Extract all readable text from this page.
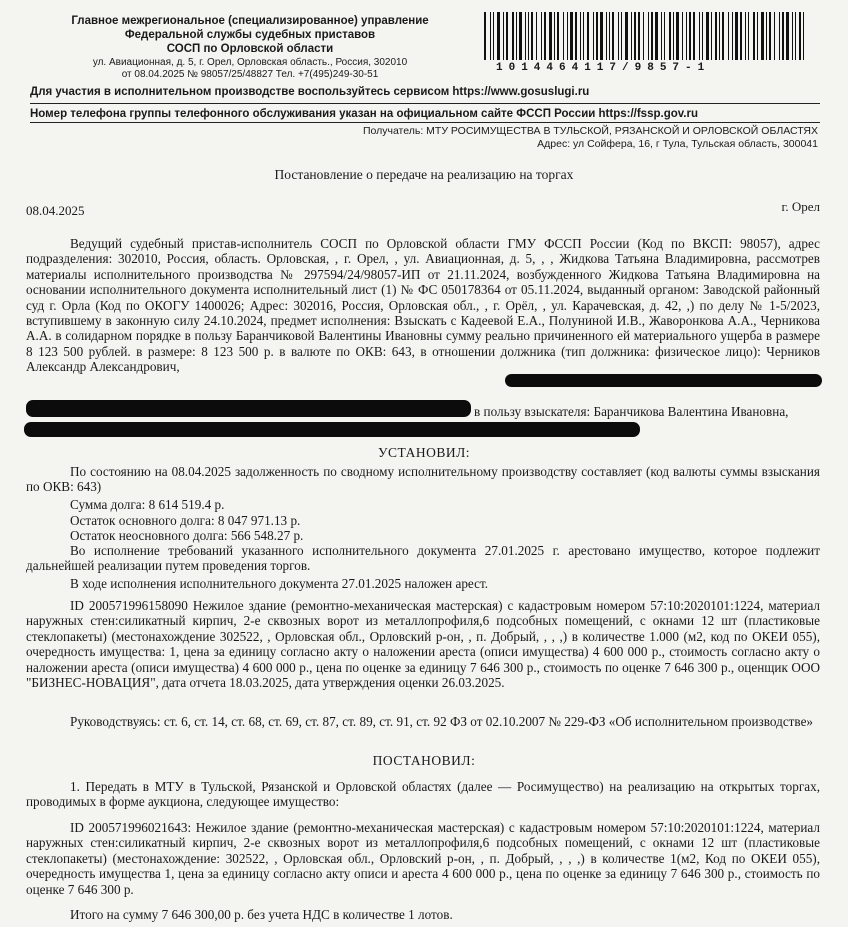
Главное межрегиональное (специализированное) управление
Федеральной службы судебных приставов
СОСП по Орловской области
ул. Авиационная, д. 5, г. Орел, Орловская область., Россия, 302010
от 08.04.2025 № 98057/25/48827 Тел. +7(495)249-30-51
1014464117/9857-1
Для участия в исполнительном производстве воспользуйтесь сервисом https://www.gosuslugi.ru
Номер телефона группы телефонного обслуживания указан на официальном сайте ФССП России https://fssp.gov.ru
Получатель: МТУ РОСИМУЩЕСТВА В ТУЛЬСКОЙ, РЯЗАНСКОЙ И ОРЛОВСКОЙ ОБЛАСТЯХ
Адрес: ул Сойфера, 16, г Тула, Тульская область, 300041
Постановление о передаче на реализацию на торгах
08.04.2025	г. Орел
Ведущий судебный пристав-исполнитель СОСП по Орловской области ГМУ ФССП России (Код по ВКСП: 98057), адрес подразделения: 302010, Россия, область. Орловская, , г. Орел, , ул. Авиационная, д. 5, , , Жидкова Татьяна Владимировна, рассмотрев материалы исполнительного производства № 297594/24/98057-ИП от 21.11.2024, возбужденного Жидкова Татьяна Владимировна на основании исполнительного документа исполнительный лист (1) № ФС 050178364 от 05.11.2024, выданный органом: Заводской районный суд г. Орла (Код по ОКОГУ 1400026; Адрес: 302016, Россия, Орловская обл., , г. Орёл, , ул. Карачевская, д. 42, ,) по делу № 1-5/2023, вступившему в законную силу 24.10.2024, предмет исполнения: Взыскать с Кадеевой Е.А., Полуниной И.В., Жаворонкова А.А., Черникова А.А. в солидарном порядке в пользу Баранчиковой Валентины Ивановны сумму реально причиненного ей материального ущерба в размере 8 123 500 рублей. в размере: 8 123 500 р. в валюте по ОКВ: 643, в отношении должника (тип должника: физическое лицо): Черников Александр Александрович,
в пользу взыскателя: Баранчикова Валентина Ивановна,
УСТАНОВИЛ:
По состоянию на 08.04.2025 задолженность по сводному исполнительному производству составляет (код валюты суммы взыскания по ОКВ: 643)
Сумма долга: 8 614 519.4 р.
Остаток основного долга: 8 047 971.13 р.
Остаток неосновного долга: 566 548.27 р.
Во исполнение требований указанного исполнительного документа 27.01.2025 г. арестовано имущество, которое подлежит дальнейшей реализации путем проведения торгов.
В ходе исполнения исполнительного документа 27.01.2025 наложен арест.
ID 200571996158090 Нежилое здание (ремонтно-механическая мастерская) с кадастровым номером 57:10:2020101:1224, материал наружных стен:силикатный кирпич, 2-е сквозных ворот из металлопрофиля,6 подсобных помещений, с окнами 12 шт (пластиковые стеклопакеты) (местонахождение 302522, , Орловская обл., Орловский р-он, , п. Добрый, , , ,) в количестве 1.000 (м2, код по ОКЕИ 055), очередность имущества: 1, цена за единицу согласно акту о наложении ареста (описи имущества) 4 600 000 р., стоимость согласно акту о наложении ареста (описи имущества) 4 600 000 р., цена по оценке за единицу 7 646 300 р., стоимость по оценке 7 646 300 р., оценщик ООО "БИЗНЕС-НОВАЦИЯ", дата отчета 18.03.2025, дата утверждения оценки 26.03.2025.
Руководствуясь: ст. 6, ст. 14, ст. 68, ст. 69, ст. 87, ст. 89, ст. 91, ст. 92 ФЗ от 02.10.2007 № 229-ФЗ «Об исполнительном производстве»
ПОСТАНОВИЛ:
1. Передать в МТУ в Тульской, Рязанской и Орловской областях (далее — Росимущество) на реализацию на открытых торгах, проводимых в форме аукциона, следующее имущество:
ID 200571996021643: Нежилое здание (ремонтно-механическая мастерская) с кадастровым номером 57:10:2020101:1224, материал наружных стен:силикатный кирпич, 2-е сквозных ворот из металлопрофиля,6 подсобных помещений, с окнами 12 шт (пластиковые стеклопакеты) (местонахождение: 302522, , Орловская обл., Орловский р-он, , п. Добрый, , , ,) в количестве 1(м2, Код по ОКЕИ 055), очередность имущества 1, цена за единицу согласно акту описи и ареста 4 600 000 р., цена по оценке за единицу 7 646 300 р., стоимость по оценке 7 646 300 р.
Итого на сумму 7 646 300,00 р. без учета НДС в количестве 1 лотов.
